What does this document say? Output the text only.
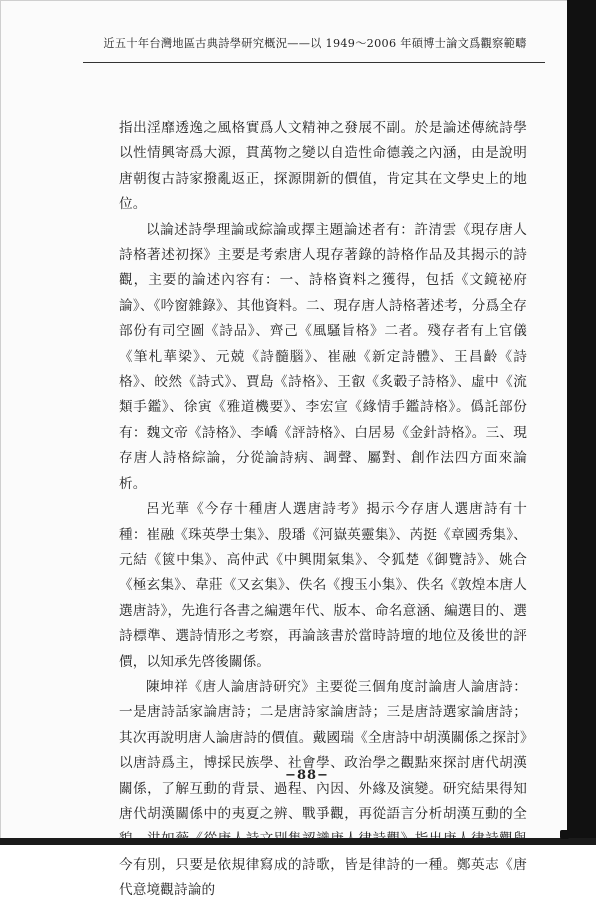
近五十年台灣地區古典詩學研究概況——以 1949～2006 年碩博士論文爲觀察範疇

指出淫靡透逸之風格實爲人文精神之發展不副。於是論述傳統詩學以性情興寄爲大源，貫萬物之變以自造性命德義之內涵，由是說明唐朝復古詩家撥亂返正，探源開新的價值，肯定其在文學史上的地位。

以論述詩學理論或綜論或擇主題論述者有：許清雲《現存唐人詩格著述初探》主要是考索唐人現存著錄的詩格作品及其揭示的詩觀，主要的論述內容有：一、詩格資料之獲得，包括《文鏡祕府論》、《吟窗雜錄》、其他資料。二、現存唐人詩格著述考，分爲全存部份有司空圖《詩品》、齊己《風騷旨格》二者。殘存者有上官儀《筆札華梁》、元兢《詩髓腦》、崔融《新定詩體》、王昌齡《詩格》、皎然《詩式》、賈島《詩格》、王叡《炙轂子詩格》、虛中《流類手鑑》、徐寅《雅道機要》、李宏宣《緣情手鑑詩格》。僞託部份有：魏文帝《詩格》、李嶠《評詩格》、白居易《金針詩格》。三、現存唐人詩格綜論，分從論詩病、調聲、屬對、創作法四方面來論析。

呂光華《今存十種唐人選唐詩考》揭示今存唐人選唐詩有十種：崔融《珠英學士集》、殷璠《河嶽英靈集》、芮挺《章國秀集》、元結《篋中集》、高仲武《中興閒氣集》、令狐楚《御覽詩》、姚合《極玄集》、韋莊《又玄集》、佚名《搜玉小集》、佚名《敦煌本唐人選唐詩》，先進行各書之編選年代、版本、命名意涵、編選目的、選詩標準、選詩情形之考察，再論該書於當時詩壇的地位及後世的評價，以知承先啓後關係。

陳坤祥《唐人論唐詩研究》主要從三個角度討論唐人論唐詩：一是唐詩話家論唐詩；二是唐詩家論唐詩；三是唐詩選家論唐詩；其次再說明唐人論唐詩的價值。戴國瑞《全唐詩中胡漢關係之探討》以唐詩爲主，博採民族學、社會學、政治學之觀點來探討唐代胡漢關係，了解互動的背景、過程、內因、外緣及演變。研究結果得知唐代胡漢關係中的夷夏之辨、戰爭觀，再從語言分析胡漢互動的全 今有別，只要是依規律寫成的詩歌，皆是律詩的一種。鄭英志《唐代意境觀詩論的

−88−
